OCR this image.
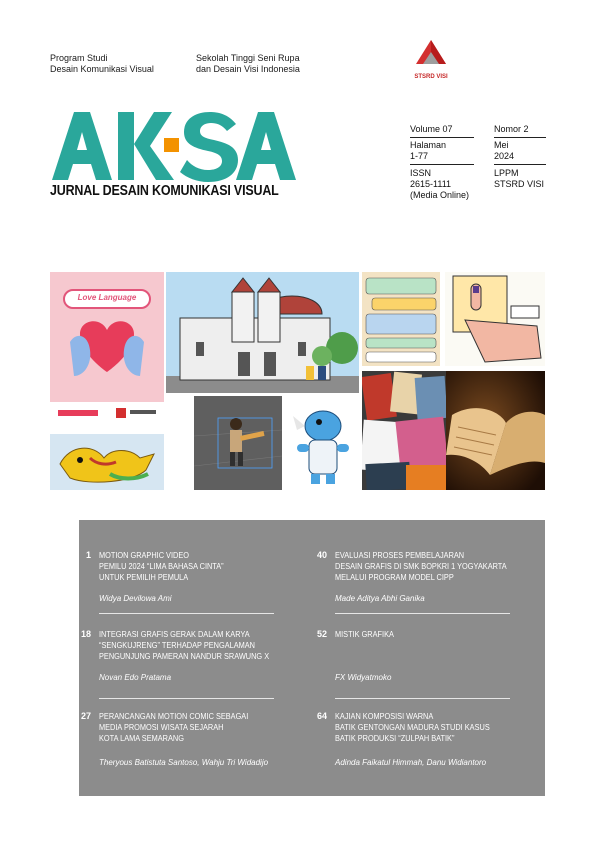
Program Studi
Desain Komunikasi Visual
Sekolah Tinggi Seni Rupa
dan Desain Visi Indonesia
STSRD VISI
JURNAL DESAIN KOMUNIKASI VISUAL
Volume 07	Nomor 2
Halaman
1-77
Mei
2024
ISSN
2615-1111
(Media Online)
LPPM
STSRD VISI
Love Language
1 MOTION GRAPHIC VIDEO
PEMILU 2024 “LIMA BAHASA CINTA”
UNTUK PEMILIH PEMULA
Widya Devilowa Ami
18 INTEGRASI GRAFIS GERAK DALAM KARYA
“SENGKUJRENG” TERHADAP PENGALAMAN
PENGUNJUNG PAMERAN NANDUR SRAWUNG X
Novan Edo Pratama
27 PERANCANGAN MOTION COMIC SEBAGAI
MEDIA PROMOSI WISATA SEJARAH
KOTA LAMA SEMARANG
Theryous Batistuta Santoso, Wahju Tri Widadijo
40 EVALUASI PROSES PEMBELAJARAN
DESAIN GRAFIS DI SMK BOPKRI 1 YOGYAKARTA
MELALUI PROGRAM MODEL CIPP
Made Aditya Abhi Ganika
52 MISTIK GRAFIKA
FX Widyatmoko
64 KAJIAN KOMPOSISI WARNA
BATIK GENTONGAN MADURA STUDI KASUS
BATIK PRODUKSI “ZULPAH BATIK”
Adinda Faikatul Himmah, Danu Widiantoro
